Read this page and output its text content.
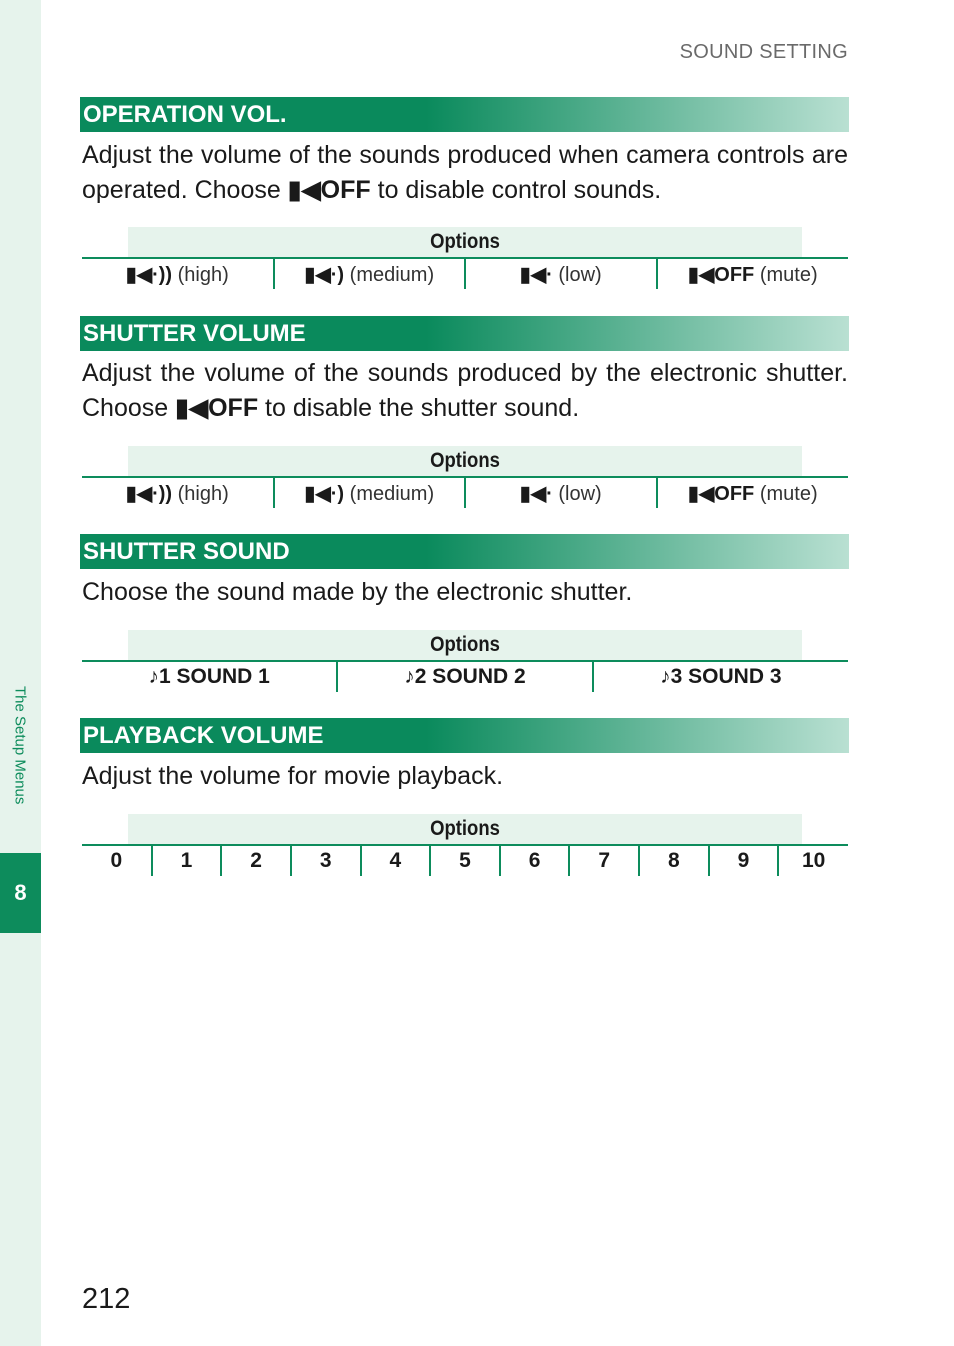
The Setup Menus
8
SOUND SETTING
OPERATION VOL.
Adjust the volume of the sounds produced when camera controls are operated. Choose ▮◀OFF to disable control sounds.
Options
▮◀·)) (high)	▮◀·) (medium)	▮◀· (low)	▮◀OFF (mute)
SHUTTER VOLUME
Adjust the volume of the sounds produced by the electronic shutter. Choose ▮◀OFF to disable the shutter sound.
Options
▮◀·)) (high)	▮◀·) (medium)	▮◀· (low)	▮◀OFF (mute)
SHUTTER SOUND
Choose the sound made by the electronic shutter.
Options
♪1 SOUND 1	♪2 SOUND 2	♪3 SOUND 3
PLAYBACK VOLUME
Adjust the volume for movie playback.
Options
0	1	2	3	4	5	6	7	8	9	10
212
